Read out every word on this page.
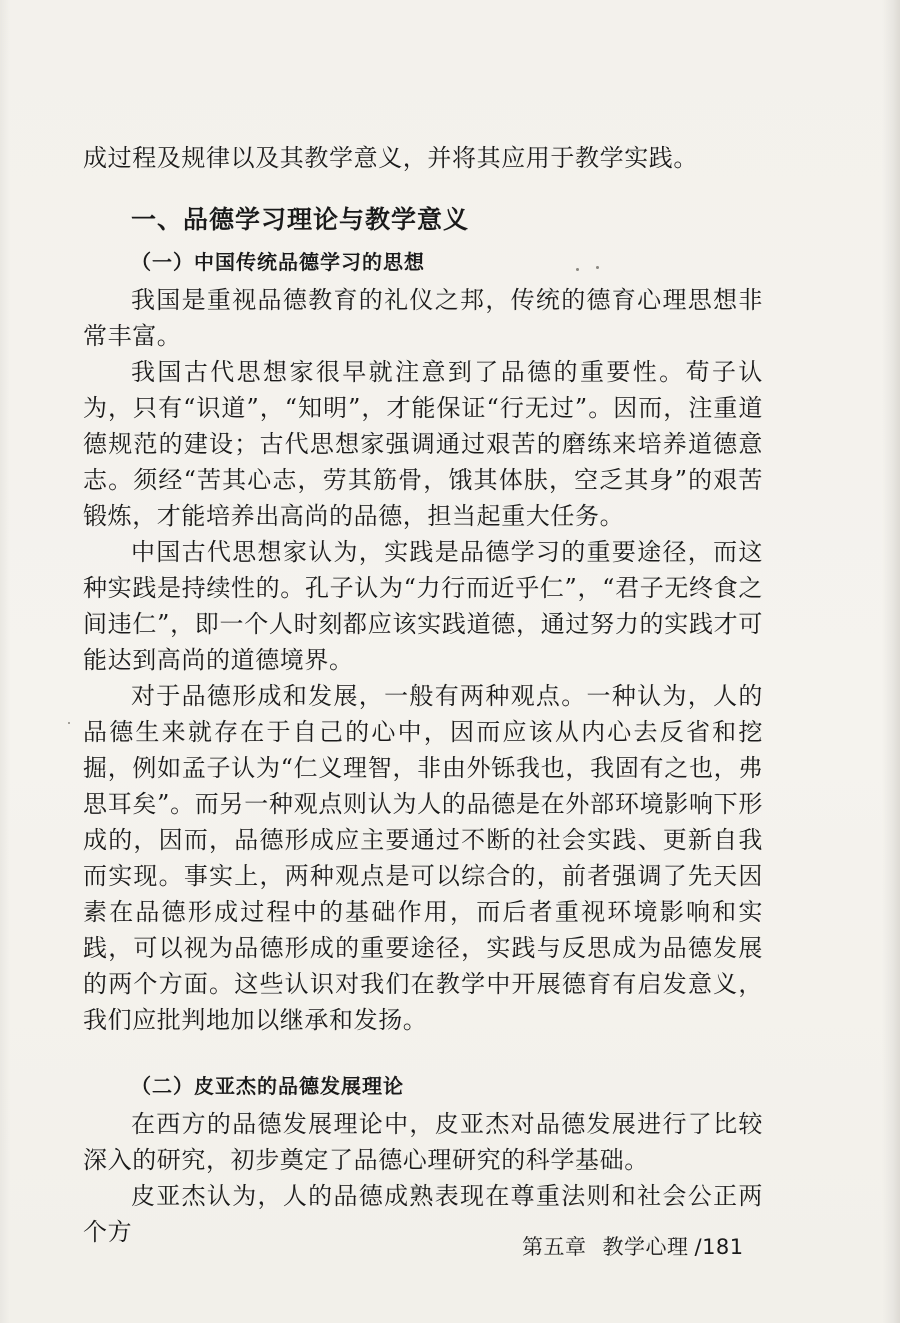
成过程及规律以及其教学意义，并将其应用于教学实践。

一、品德学习理论与教学意义
（一）中国传统品德学习的思想

我国是重视品德教育的礼仪之邦，传统的德育心理思想非常丰富。

我国古代思想家很早就注意到了品德的重要性。荀子认为，只有“识道”，“知明”，才能保证“行无过”。因而，注重道德规范的建设；古代思想家强调通过艰苦的磨练来培养道德意志。须经“苦其心志，劳其筋骨，饿其体肤，空乏其身”的艰苦锻炼，才能培养出高尚的品德，担当起重大任务。

中国古代思想家认为，实践是品德学习的重要途径，而这种实践是持续性的。孔子认为“力行而近乎仁”，“君子无终食之间违仁”，即一个人时刻都应该实践道德，通过努力的实践才可能达到高尚的道德境界。

对于品德形成和发展，一般有两种观点。一种认为，人的品德生来就存在于自己的心中，因而应该从内心去反省和挖掘，例如孟子认为“仁义理智，非由外铄我也，我固有之也，弗思耳矣”。而另一种观点则认为人的品德是在外部环境影响下形成的，因而，品德形成应主要通过不断的社会实践、更新自我而实现。事实上，两种观点是可以综合的，前者强调了先天因素在品德形成过程中的基础作用，而后者重视环境影响和实践，可以视为品德形成的重要途径，实践与反思成为品德发展的两个方面。这些认识对我们在教学中开展德育有启发意义，我们应批判地加以继承和发扬。

（二）皮亚杰的品德发展理论

在西方的品德发展理论中，皮亚杰对品德发展进行了比较深入的研究，初步奠定了品德心理研究的科学基础。

皮亚杰认为，人的品德成熟表现在尊重法则和社会公正两个方

第五章 教学心理 /181
